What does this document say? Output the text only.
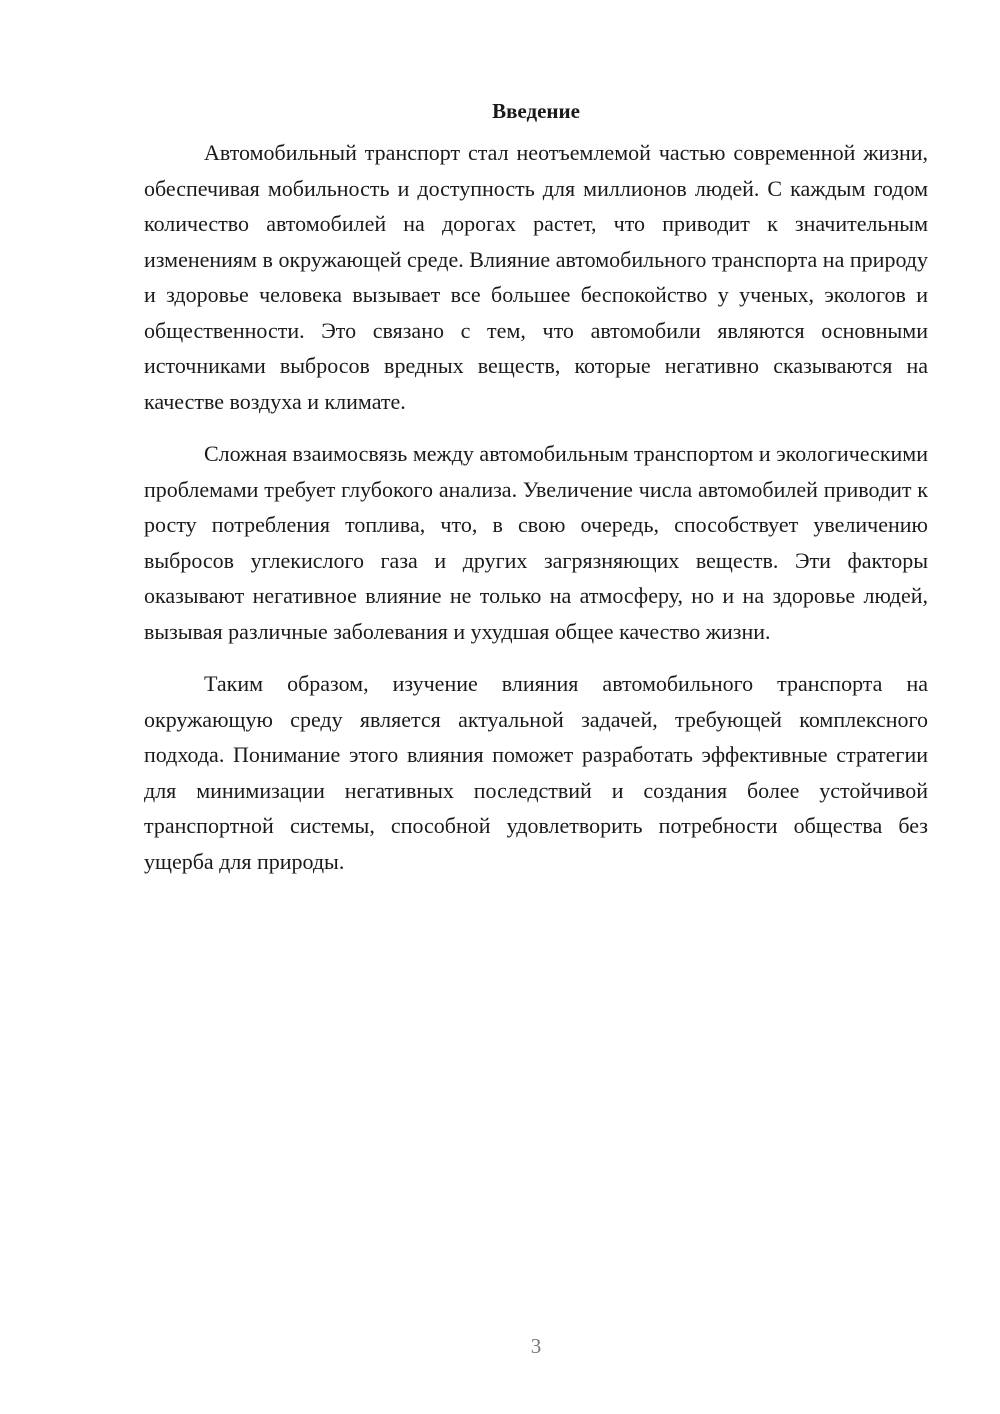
Введение

Автомобильный транспорт стал неотъемлемой частью современной жизни, обеспечивая мобильность и доступность для миллионов людей. С каждым годом количество автомобилей на дорогах растет, что приводит к значительным изменениям в окружающей среде. Влияние автомобильного транспорта на природу и здоровье человека вызывает все большее беспокойство у ученых, экологов и общественности. Это связано с тем, что автомобили являются основными источниками выбросов вредных веществ, которые негативно сказываются на качестве воздуха и климате.

Сложная взаимосвязь между автомобильным транспортом и экологическими проблемами требует глубокого анализа. Увеличение числа автомобилей приводит к росту потребления топлива, что, в свою очередь, способствует увеличению выбросов углекислого газа и других загрязняющих веществ. Эти факторы оказывают негативное влияние не только на атмосферу, но и на здоровье людей, вызывая различные заболевания и ухудшая общее качество жизни.

Таким образом, изучение влияния автомобильного транспорта на окружающую среду является актуальной задачей, требующей комплексного подхода. Понимание этого влияния поможет разработать эффективные стратегии для минимизации негативных последствий и создания более устойчивой транспортной системы, способной удовлетворить потребности общества без ущерба для природы.

3
